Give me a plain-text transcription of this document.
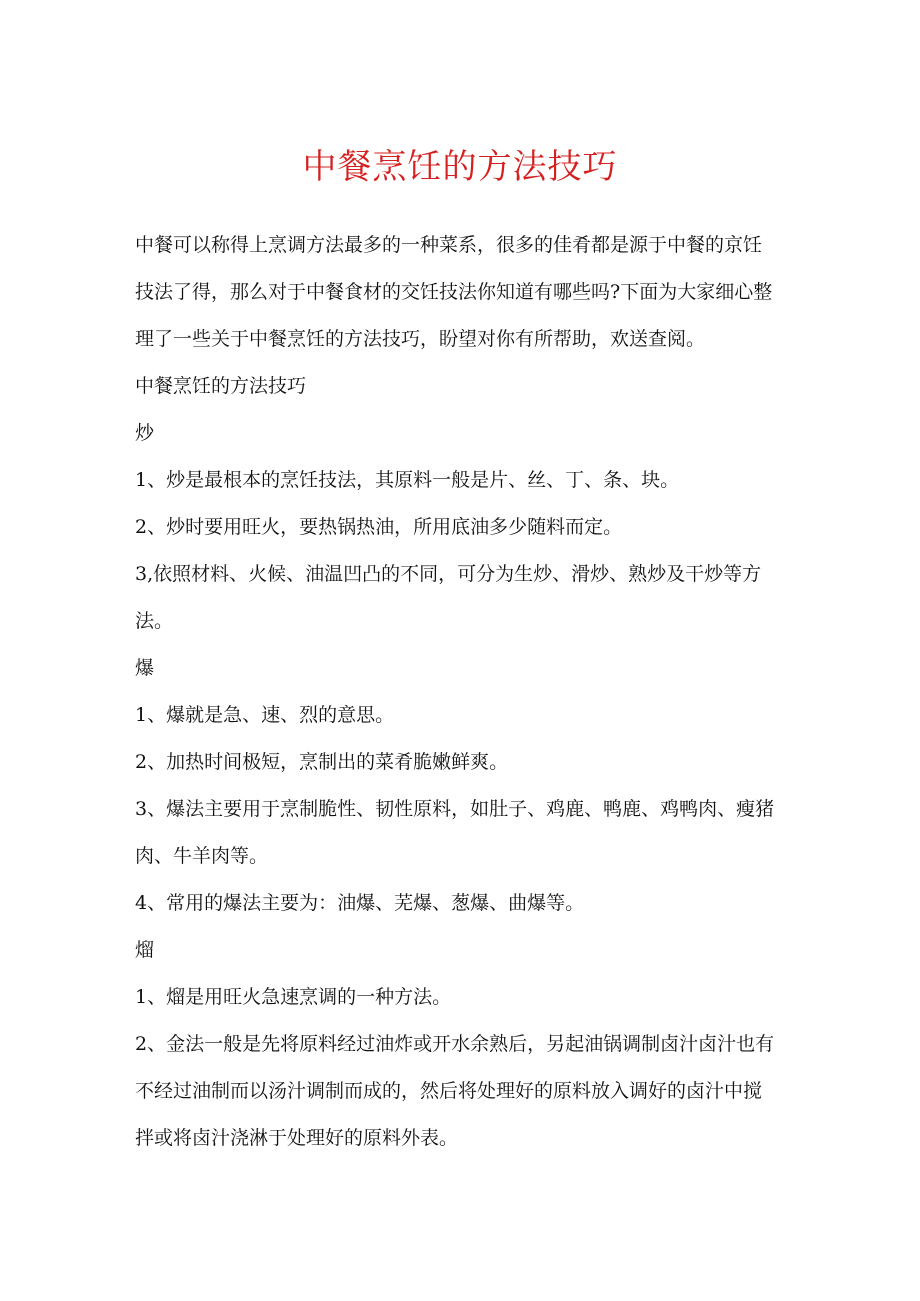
中餐烹饪的方法技巧

中餐可以称得上烹调方法最多的一种菜系，很多的佳肴都是源于中餐的京饪技法了得，那么对于中餐食材的交饪技法你知道有哪些吗?下面为大家细心整理了一些关于中餐烹饪的方法技巧，盼望对你有所帮助，欢送查阅。

中餐烹饪的方法技巧

炒

1、炒是最根本的烹饪技法，其原料一般是片、丝、丁、条、块。

2、炒时要用旺火，要热锅热油，所用底油多少随料而定。

3,依照材料、火候、油温凹凸的不同，可分为生炒、滑炒、熟炒及干炒等方法。

爆

1、爆就是急、速、烈的意思。

2、加热时间极短，烹制出的菜肴脆嫩鲜爽。

3、爆法主要用于烹制脆性、韧性原料，如肚子、鸡鹿、鸭鹿、鸡鸭肉、瘦猪肉、牛羊肉等。

4、常用的爆法主要为：油爆、芜爆、葱爆、曲爆等。

熘

1、熘是用旺火急速烹调的一种方法。

2、金法一般是先将原料经过油炸或开水余熟后，另起油锅调制卤汁卤汁也有不经过油制而以汤汁调制而成的，然后将处理好的原料放入调好的卤汁中搅拌或将卤汁浇淋于处理好的原料外表。
